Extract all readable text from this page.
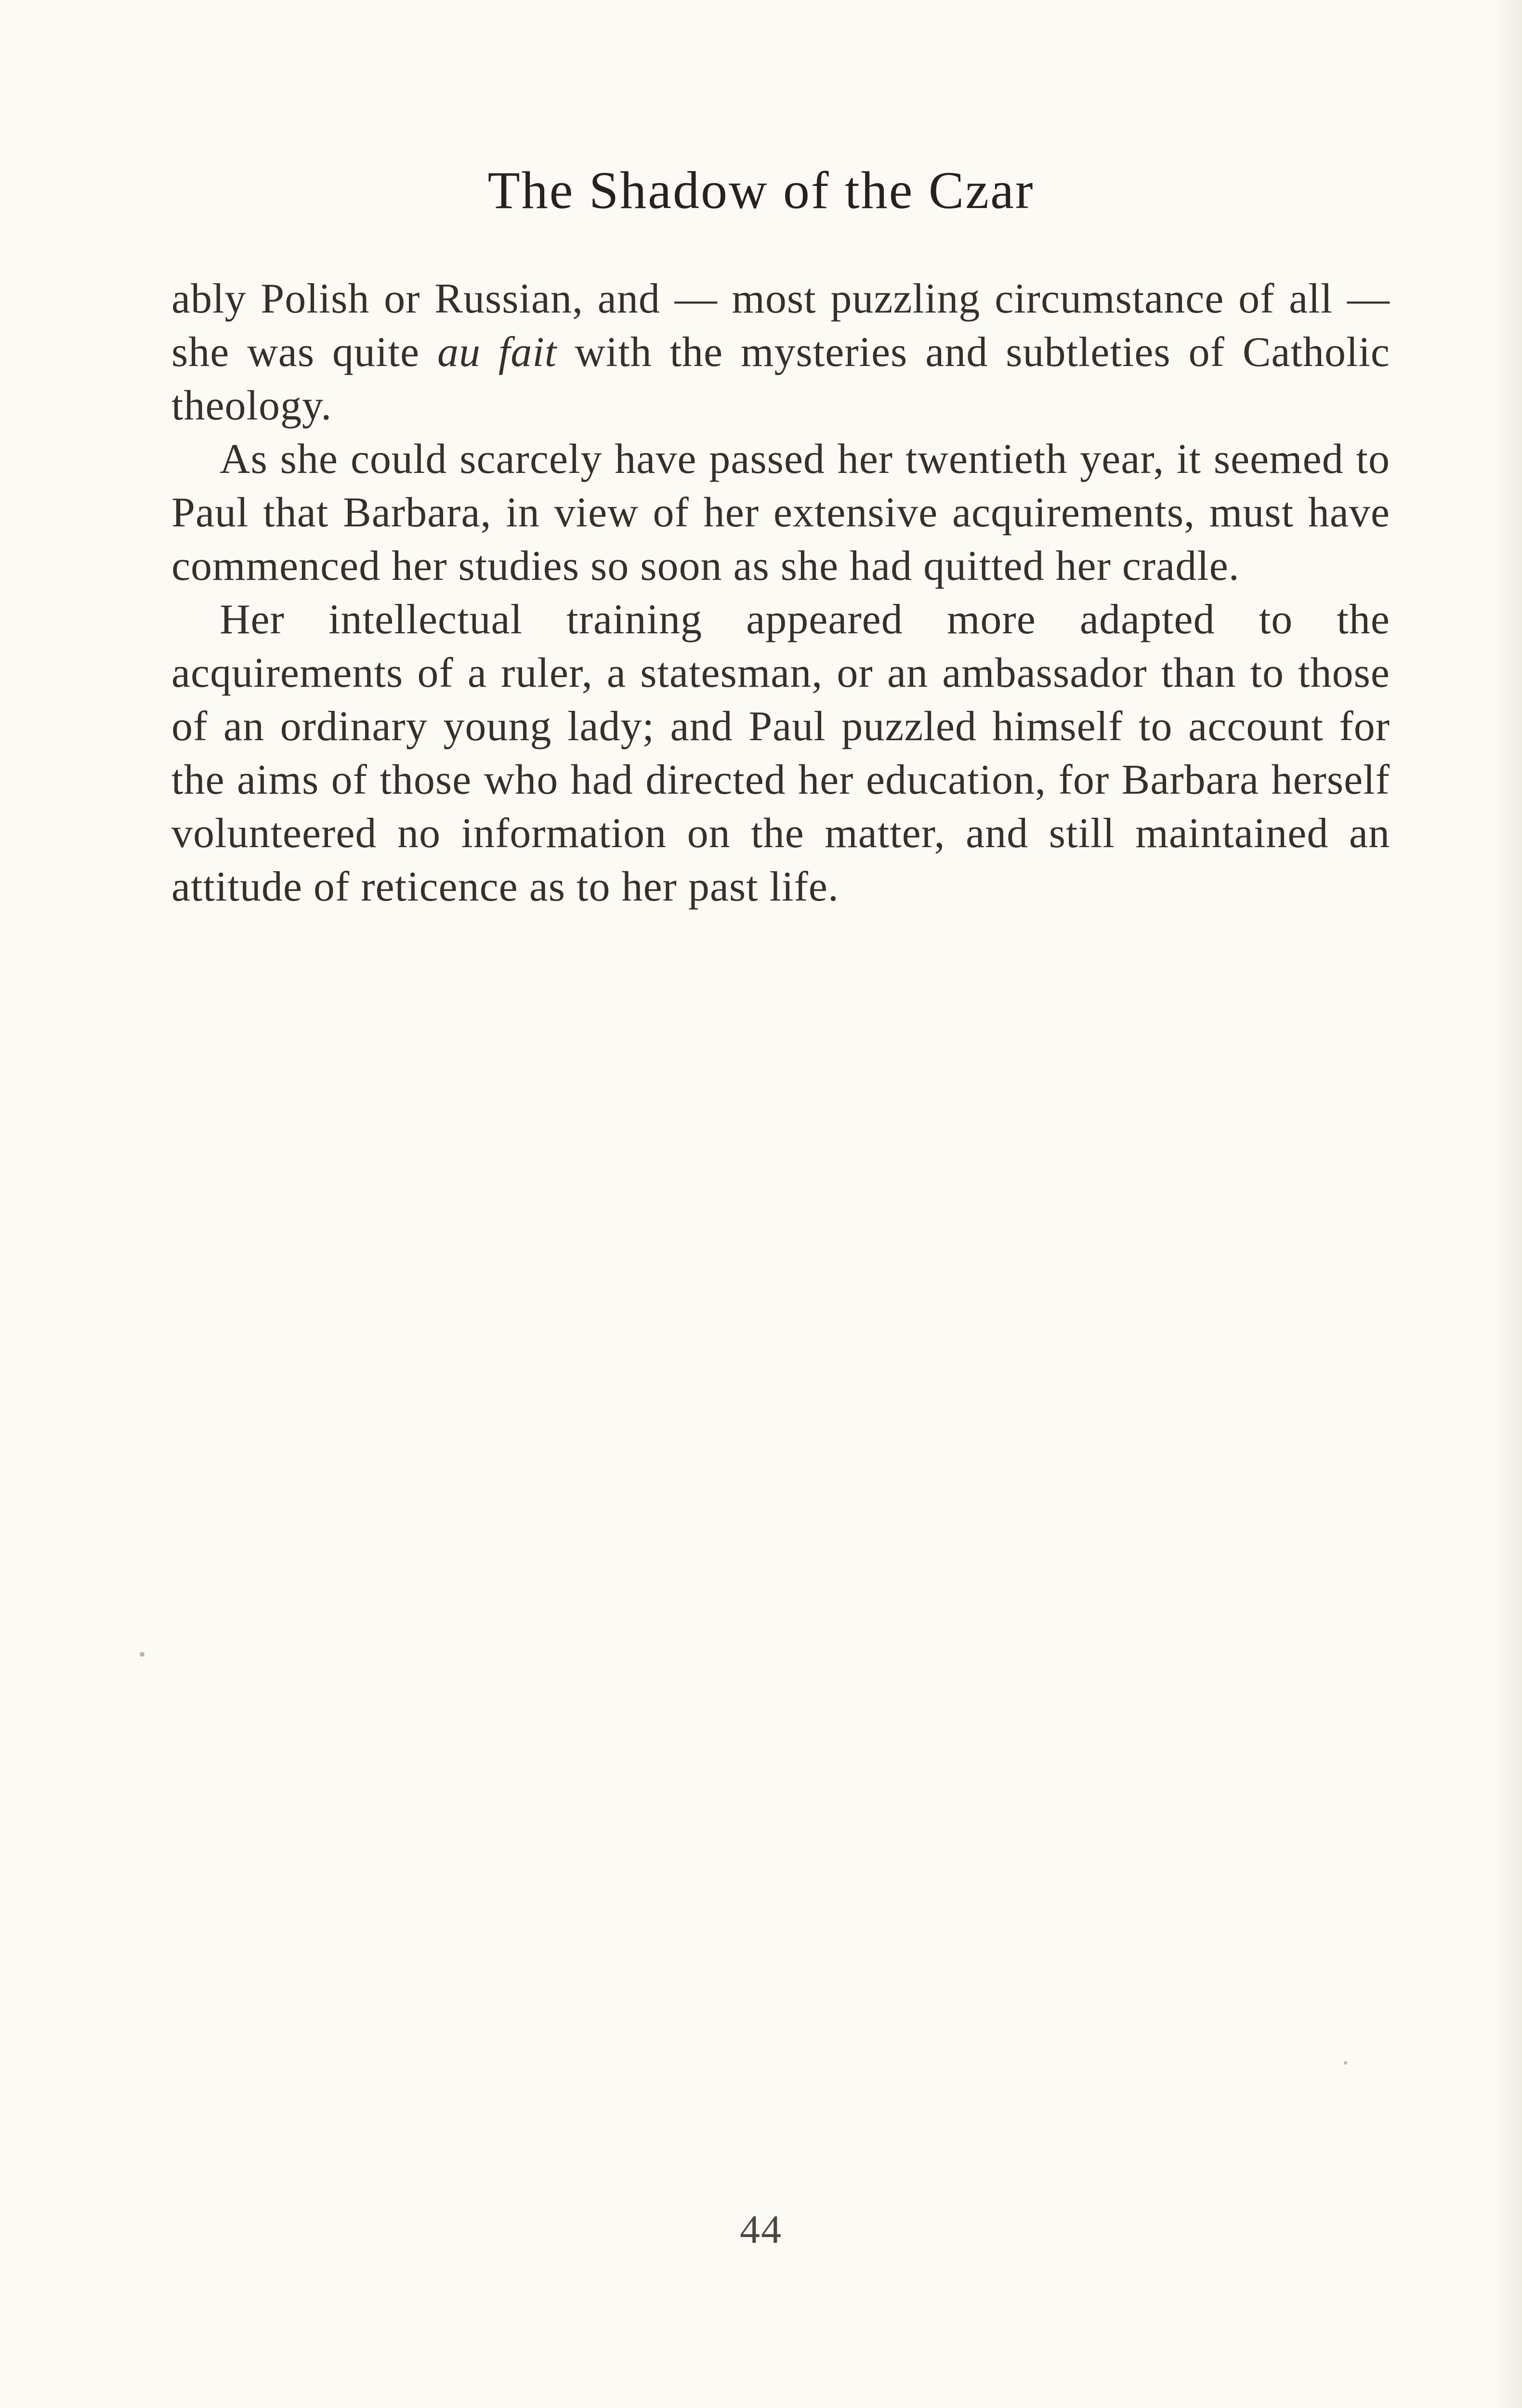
The Shadow of the Czar

ably Polish or Russian, and — most puzzling circumstance of all — she was quite au fait with the mysteries and subtleties of Catholic theology.

As she could scarcely have passed her twentieth year, it seemed to Paul that Barbara, in view of her extensive acquirements, must have commenced her studies so soon as she had quitted her cradle.

Her intellectual training appeared more adapted to the acquirements of a ruler, a statesman, or an ambassador than to those of an ordinary young lady; and Paul puzzled himself to account for the aims of those who had directed her education, for Barbara herself volunteered no information on the matter, and still maintained an attitude of reticence as to her past life.

44
